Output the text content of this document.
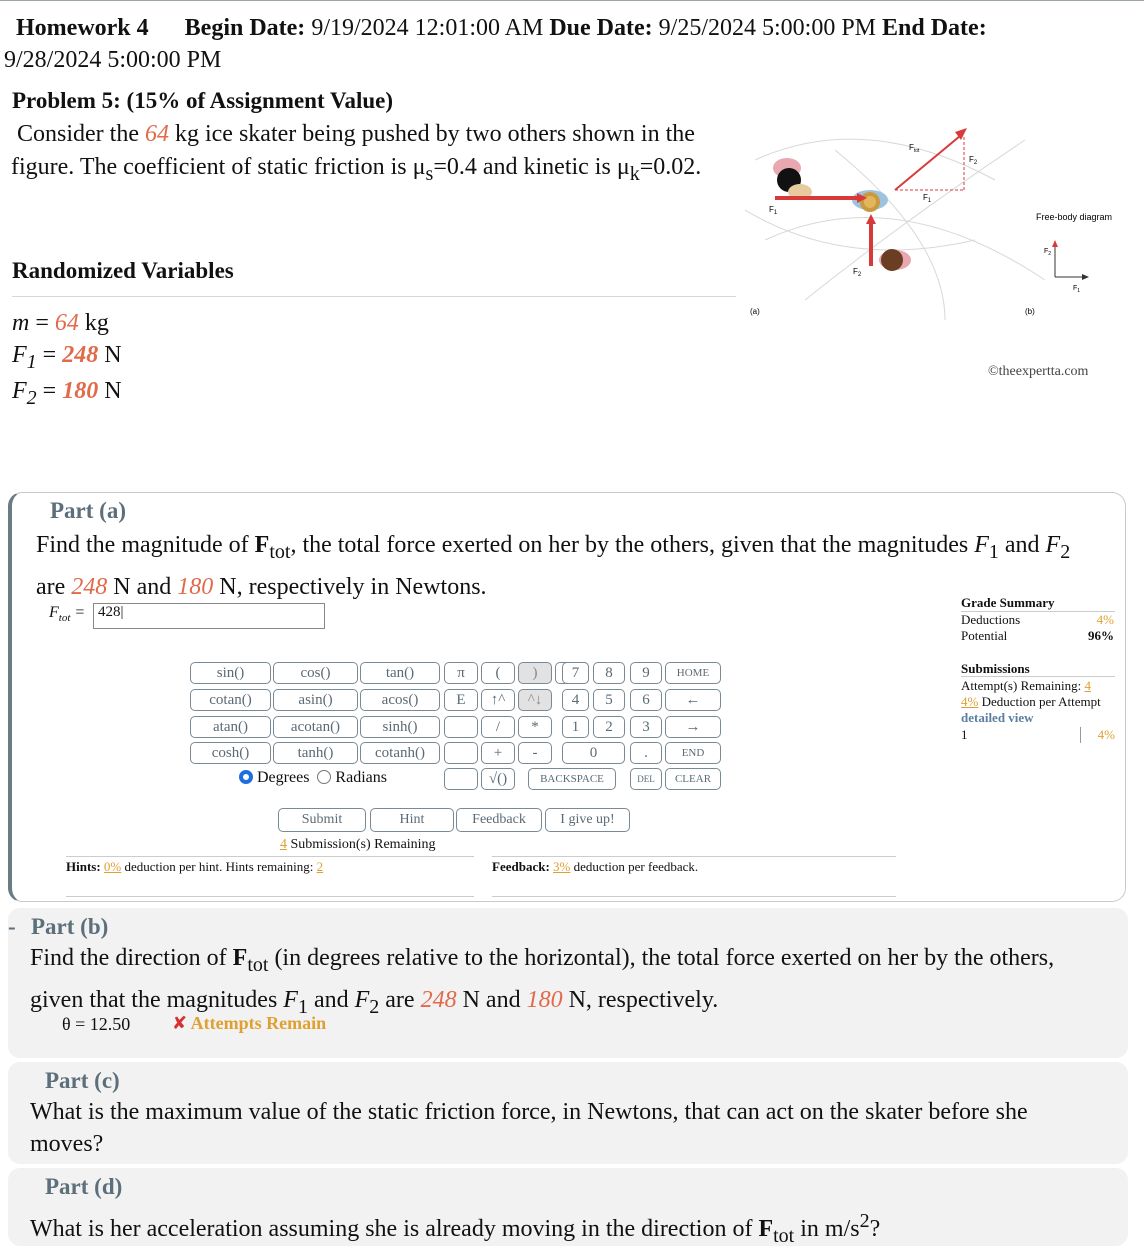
Homework 4 Begin Date: 9/19/2024 12:01:00 AM Due Date: 9/25/2024 5:00:00 PM End Date:
9/28/2024 5:00:00 PM
Problem 5: (15% of Assignment Value)
Consider the 64 kg ice skater being pushed by two others shown in the figure. The coefficient of static friction is $\mu_s=0.4$ and kinetic is $\mu_k=0.02$.
Randomized Variables
m = 64 kg
$F_1 = 248$ N
$F_2 = 180$ N
$F_1$
$F_2$
$F_{tot}$
$F_2$
$F_1$
Free-body diagram
$F_2$
$F_1$
(a)	(b)
©theexpertta.com
Part (a)
Find the magnitude of $F_{tot}$, the total force exerted on her by the others, given that the magnitudes $F_1$ and $F_2$
are 248 N and 180 N, respectively in Newtons.
$F_{tot} = 428|$
sin()	cos()	tan()
cotan()	asin()	acos()
atan()	acotan()	sinh()
cosh()	tanh()	cotanh()
π
E
(	)
↑^	^↓
/	*
+	-
√()
7	8	9
4	5	6
1	2	3
0	.
BACKSPACE	DEL
HOME
←
→
END
CLEAR
Degrees Radians
Submit	Hint	Feedback	I give up!
4 Submission(s) Remaining
Hints: 0% deduction per hint. Hints remaining: 2	Feedback: 3% deduction per feedback.
Grade Summary
Deductions	4%
Potential	96%
Submissions
Attempt(s) Remaining: 4
4% Deduction per Attempt
detailed view
1	4%
- Part (b)
Find the direction of $F_{tot}$ (in degrees relative to the horizontal), the total force exerted on her by the others,
given that the magnitudes $F_1$ and $F_2$ are 248 N and 180 N, respectively.
θ = 12.50 ✘ Attempts Remain
Part (c)
What is the maximum value of the static friction force, in Newtons, that can act on the skater before she moves?
Part (d)
What is her acceleration assuming she is already moving in the direction of $F_{tot}$ in $m/s^2$?
